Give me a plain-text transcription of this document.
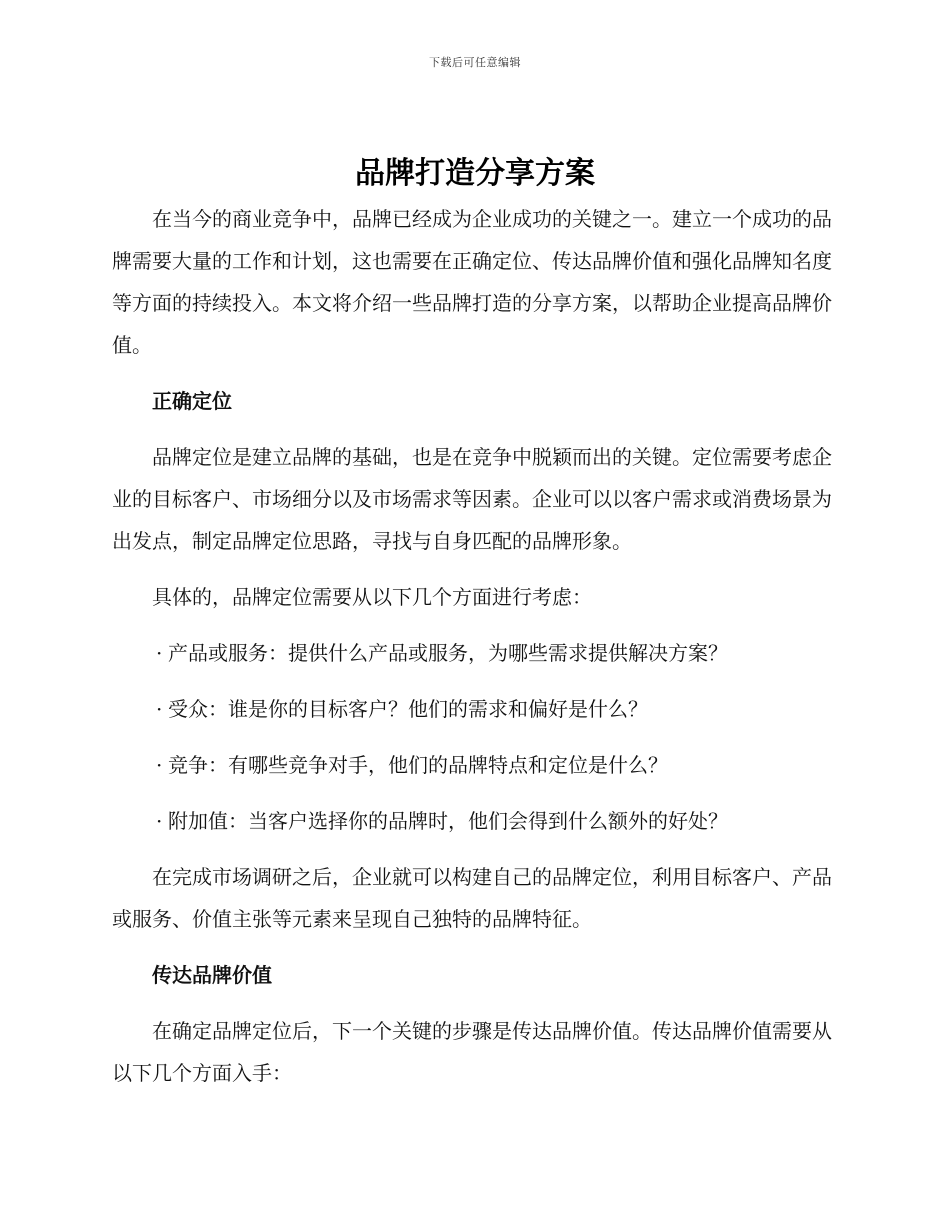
下载后可任意编辑
品牌打造分享方案

在当今的商业竞争中，品牌已经成为企业成功的关键之一。建立一个成功的品牌需要大量的工作和计划，这也需要在正确定位、传达品牌价值和强化品牌知名度等方面的持续投入。本文将介绍一些品牌打造的分享方案，以帮助企业提高品牌价值。

正确定位

品牌定位是建立品牌的基础，也是在竞争中脱颖而出的关键。定位需要考虑企业的目标客户、市场细分以及市场需求等因素。企业可以以客户需求或消费场景为出发点，制定品牌定位思路，寻找与自身匹配的品牌形象。

具体的，品牌定位需要从以下几个方面进行考虑：

· 产品或服务：提供什么产品或服务，为哪些需求提供解决方案？

· 受众：谁是你的目标客户？他们的需求和偏好是什么？

· 竞争：有哪些竞争对手，他们的品牌特点和定位是什么？

· 附加值：当客户选择你的品牌时，他们会得到什么额外的好处？

在完成市场调研之后，企业就可以构建自己的品牌定位，利用目标客户、产品或服务、价值主张等元素来呈现自己独特的品牌特征。

传达品牌价值

在确定品牌定位后，下一个关键的步骤是传达品牌价值。传达品牌价值需要从以下几个方面入手：
